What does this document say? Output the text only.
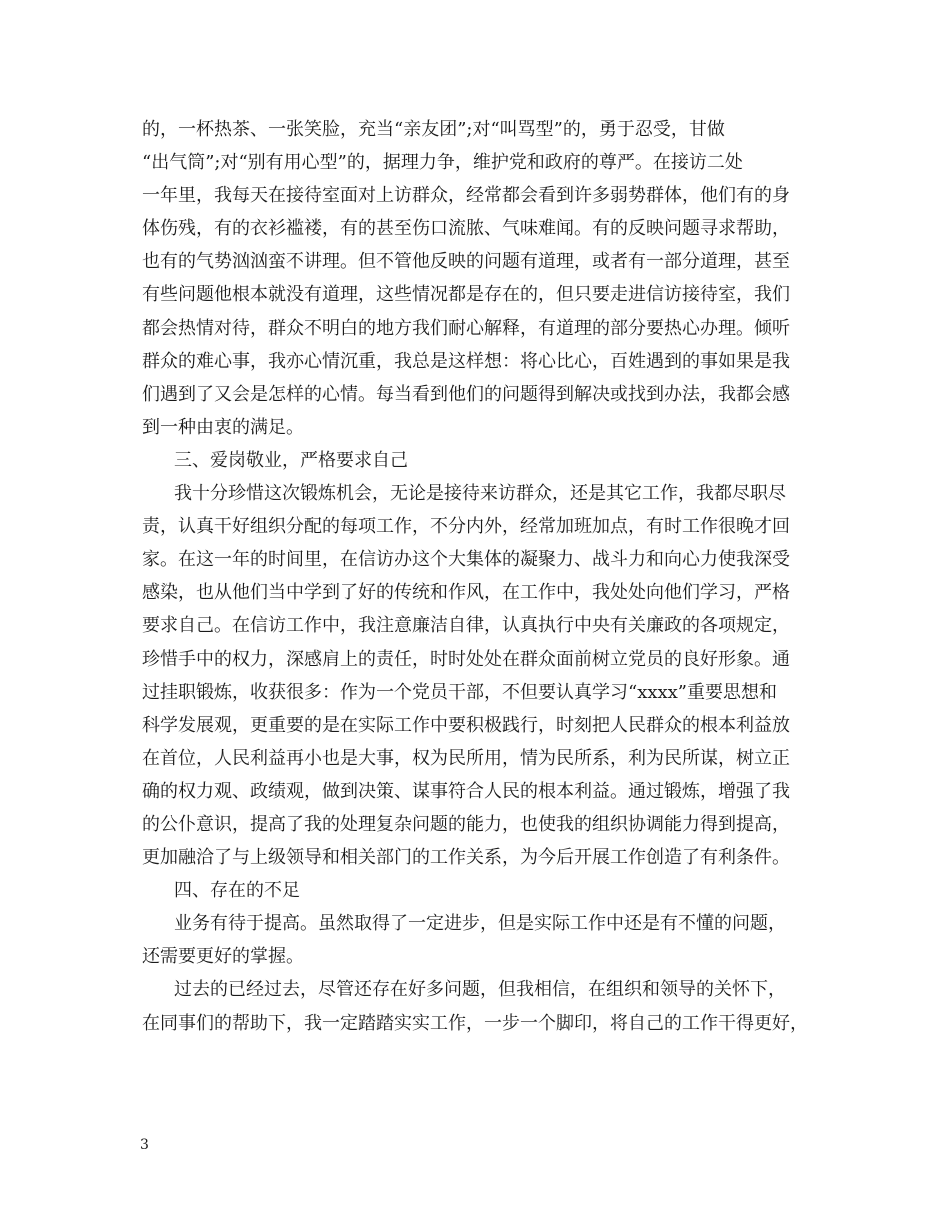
的，一杯热茶、一张笑脸，充当“亲友团”;对“叫骂型”的，勇于忍受，甘做
“出气筒”;对“别有用心型”的，据理力争，维护党和政府的尊严。在接访二处
一年里，我每天在接待室面对上访群众，经常都会看到许多弱势群体，他们有的身
体伤残，有的衣衫褴褛，有的甚至伤口流脓、气味难闻。有的反映问题寻求帮助，
也有的气势汹汹蛮不讲理。但不管他反映的问题有道理，或者有一部分道理，甚至
有些问题他根本就没有道理，这些情况都是存在的，但只要走进信访接待室，我们
都会热情对待，群众不明白的地方我们耐心解释，有道理的部分要热心办理。倾听
群众的难心事，我亦心情沉重，我总是这样想：将心比心，百姓遇到的事如果是我
们遇到了又会是怎样的心情。每当看到他们的问题得到解决或找到办法，我都会感
到一种由衷的满足。
三、爱岗敬业，严格要求自己
我十分珍惜这次锻炼机会，无论是接待来访群众，还是其它工作，我都尽职尽
责，认真干好组织分配的每项工作，不分内外，经常加班加点，有时工作很晚才回
家。在这一年的时间里，在信访办这个大集体的凝聚力、战斗力和向心力使我深受
感染，也从他们当中学到了好的传统和作风，在工作中，我处处向他们学习，严格
要求自己。在信访工作中，我注意廉洁自律，认真执行中央有关廉政的各项规定，
珍惜手中的权力，深感肩上的责任，时时处处在群众面前树立党员的良好形象。通
过挂职锻炼，收获很多：作为一个党员干部，不但要认真学习“xxxx”重要思想和
科学发展观，更重要的是在实际工作中要积极践行，时刻把人民群众的根本利益放
在首位，人民利益再小也是大事，权为民所用，情为民所系，利为民所谋，树立正
确的权力观、政绩观，做到决策、谋事符合人民的根本利益。通过锻炼，增强了我
的公仆意识，提高了我的处理复杂问题的能力，也使我的组织协调能力得到提高，
更加融洽了与上级领导和相关部门的工作关系，为今后开展工作创造了有利条件。
四、存在的不足
业务有待于提高。虽然取得了一定进步，但是实际工作中还是有不懂的问题，
还需要更好的掌握。
过去的已经过去，尽管还存在好多问题，但我相信，在组织和领导的关怀下，
在同事们的帮助下，我一定踏踏实实工作，一步一个脚印，将自己的工作干得更好，
3
